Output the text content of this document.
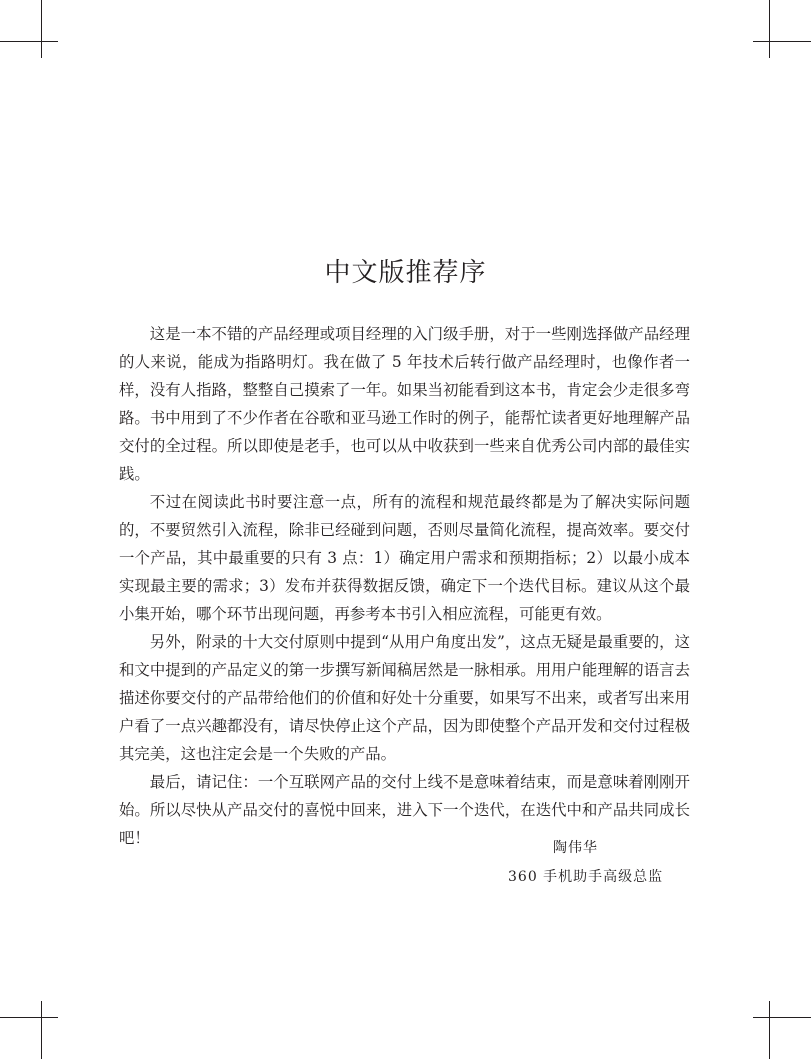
中文版推荐序

这是一本不错的产品经理或项目经理的入门级手册，对于一些刚选择做产品经理的人来说，能成为指路明灯。我在做了 5 年技术后转行做产品经理时，也像作者一样，没有人指路，整整自己摸索了一年。如果当初能看到这本书，肯定会少走很多弯路。书中用到了不少作者在谷歌和亚马逊工作时的例子，能帮忙读者更好地理解产品交付的全过程。所以即使是老手，也可以从中收获到一些来自优秀公司内部的最佳实践。

不过在阅读此书时要注意一点，所有的流程和规范最终都是为了解决实际问题的，不要贸然引入流程，除非已经碰到问题，否则尽量简化流程，提高效率。要交付一个产品，其中最重要的只有 3 点：1）确定用户需求和预期指标；2）以最小成本实现最主要的需求；3）发布并获得数据反馈，确定下一个迭代目标。建议从这个最小集开始，哪个环节出现问题，再参考本书引入相应流程，可能更有效。

另外，附录的十大交付原则中提到“从用户角度出发”，这点无疑是最重要的，这和文中提到的产品定义的第一步撰写新闻稿居然是一脉相承。用用户能理解的语言去描述你要交付的产品带给他们的价值和好处十分重要，如果写不出来，或者写出来用户看了一点兴趣都没有，请尽快停止这个产品，因为即使整个产品开发和交付过程极其完美，这也注定会是一个失败的产品。

最后，请记住：一个互联网产品的交付上线不是意味着结束，而是意味着刚刚开始。所以尽快从产品交付的喜悦中回来，进入下一个迭代，在迭代中和产品共同成长吧！

陶伟华
360 手机助手高级总监
